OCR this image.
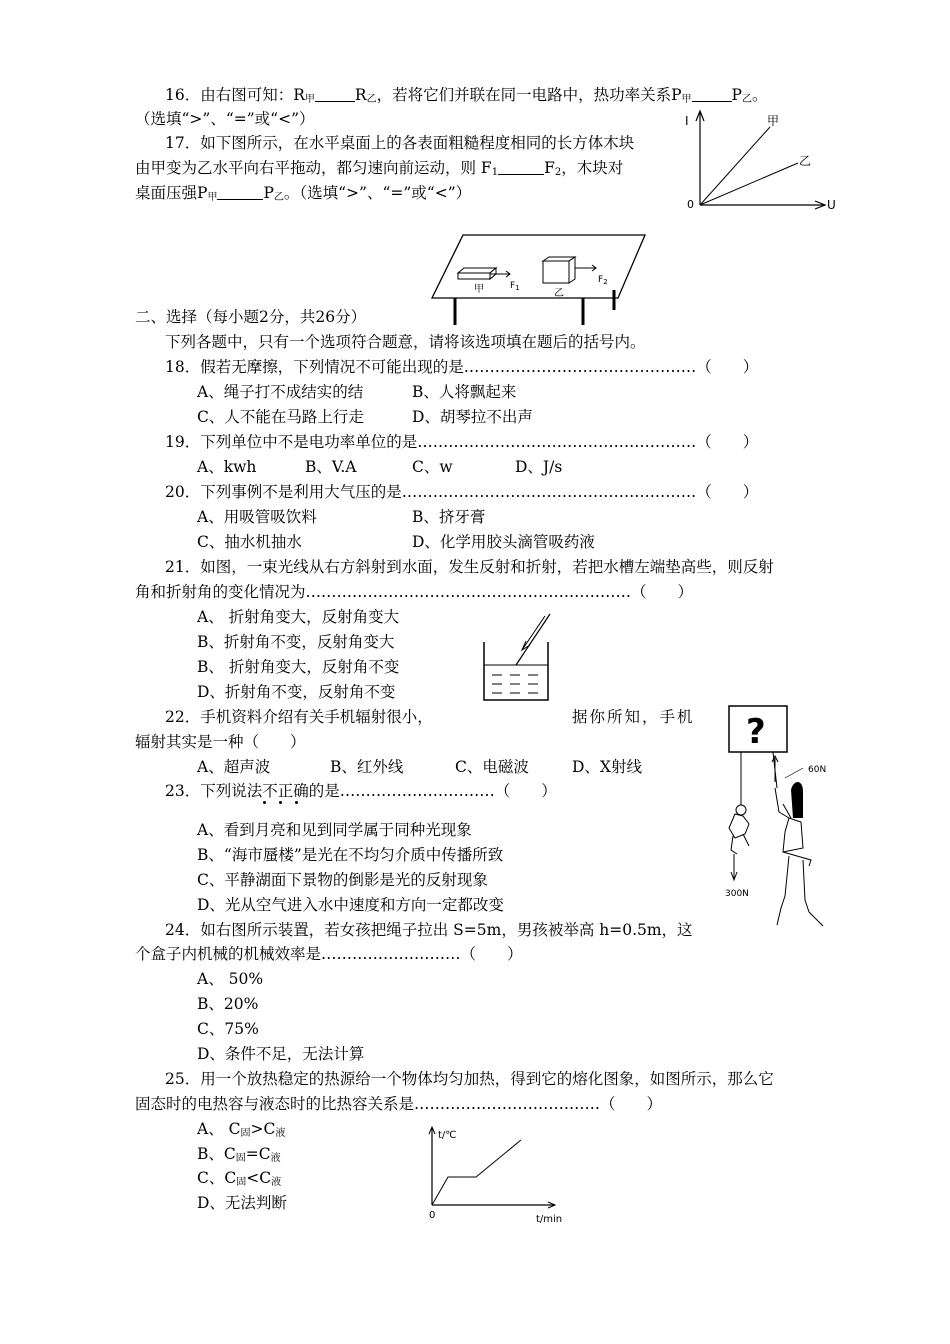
16．由右图可知：$R_甲$	$R_乙$，若将它们并联在同一电路中，热功率关系$P_甲$	$P_乙$。
（选填“>”、“=”或“<”）
17．如下图所示，在水平桌面上的各表面粗糙程度相同的长方体木块
由甲变为乙水平向右平拖动，都匀速向前运动，则 $F_1$	$F_2$，木块对
桌面压强$P_甲$	$P_乙$。（选填“>”、“=”或“<”）
I
U
0
甲
乙
甲	乙
$F_1$
$F_2$
二、选择（每小题2分，共26分）
下列各题中，只有一个选项符合题意，请将该选项填在题后的括号内。
18．假若无摩擦，下列情况不可能出现的是………………………………………（　　）
A、绳子打不成结实的结	B、人将飘起来
C、人不能在马路上行走	D、胡琴拉不出声
19．下列单位中不是电功率单位的是………………………………………………（　　）
A、kwh	B、V.A	C、w	D、J/s
20．下列事例不是利用大气压的是…………………………………………………（　　）
A、用吸管吸饮料	B、挤牙膏
C、抽水机抽水	D、化学用胶头滴管吸药液
21．如图，一束光线从右方斜射到水面，发生反射和折射，若把水槽左端垫高些，则反射
角和折射角的变化情况为………………………………………………………（　　）
A、 折射角变大，反射角变大
B、折射角不变，反射角变大
B、 折射角变大，反射角不变
D、折射角不变，反射角不变
22．手机资料介绍有关手机辐射很小，	据你所知，手机
辐射其实是一种（　　）
A、超声波	B、红外线	C、电磁波	D、X射线
23．下列说法不正确的是…………………………（　　）
A、看到月亮和见到同学属于同种光现象
B、“海市蜃楼”是光在不均匀介质中传播所致
C、平静湖面下景物的倒影是光的反射现象
D、光从空气进入水中速度和方向一定都改变
?
60N
300N
24．如右图所示装置，若女孩把绳子拉出 S=5m，男孩被举高 h=0.5m，这
个盒子内机械的机械效率是………………………（　　）
A、 50%
B、20%
C、75%
D、条件不足，无法计算
25．用一个放热稳定的热源给一个物体均匀加热，得到它的熔化图象，如图所示，那么它
固态时的电热容与液态时的比热容关系是………………………………（　　）
A、 $C_固>C_液$
B、$C_固=C_液$
C、$C_固<C_液$
D、无法判断
t/℃
t/min
0
